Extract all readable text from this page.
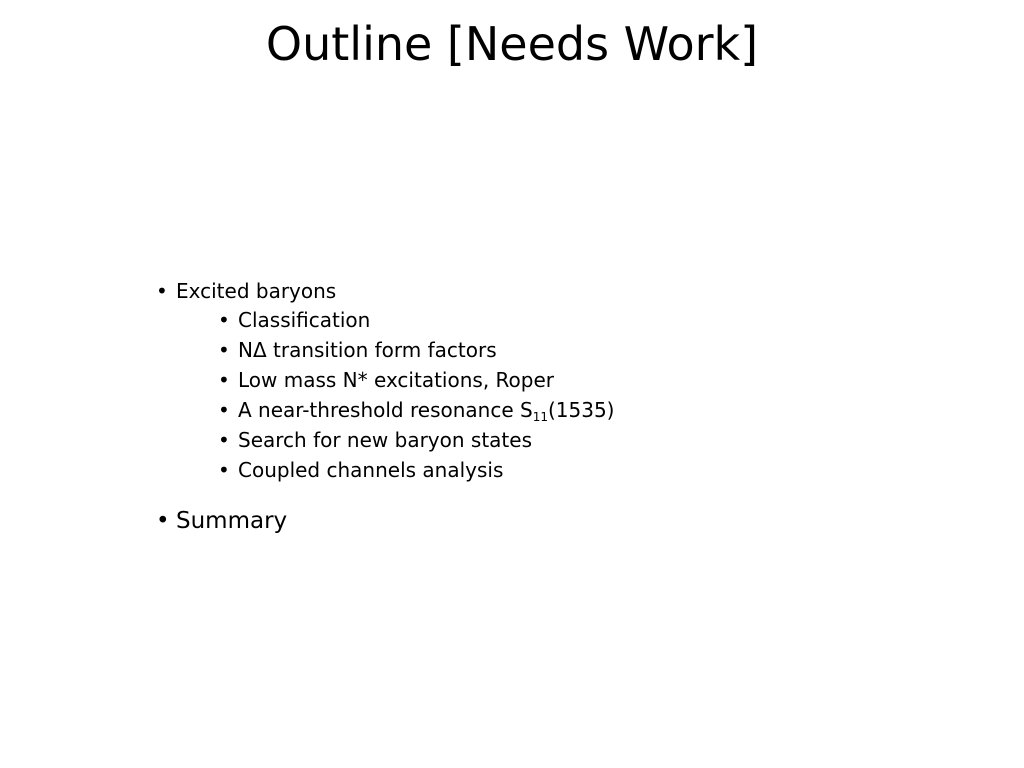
Outline [Needs Work]
• Excited baryons
• Classification
• NΔ transition form factors
• Low mass N* excitations, Roper
• A near-threshold resonance $S_{11}(1535)$
• Search for new baryon states
• Coupled channels analysis
• Summary
